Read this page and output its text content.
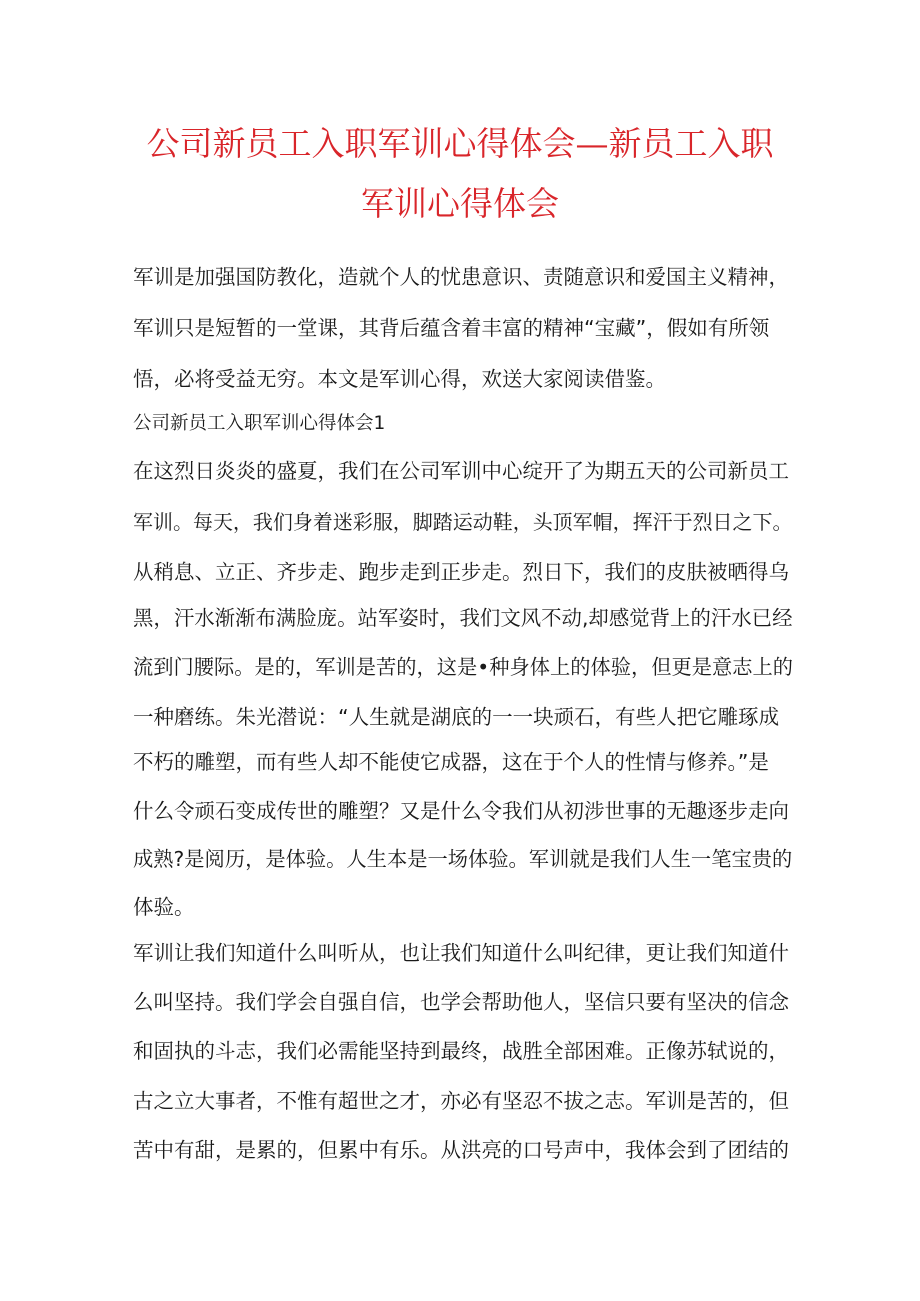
公司新员工入职军训心得体会—新员工入职
军训心得体会
军训是加强国防教化，造就个人的忧患意识、责随意识和爱国主义精神，
军训只是短暂的一堂课，其背后蕴含着丰富的精神“宝藏”，假如有所领
悟，必将受益无穷。本文是军训心得，欢送大家阅读借鉴。
公司新员工入职军训心得体会1
在这烈日炎炎的盛夏，我们在公司军训中心绽开了为期五天的公司新员工
军训。每天，我们身着迷彩服，脚踏运动鞋，头顶军帽，挥汗于烈日之下。
从稍息、立正、齐步走、跑步走到正步走。烈日下，我们的皮肤被晒得乌
黑，汗水渐渐布满脸庞。站军姿时，我们文风不动,却感觉背上的汗水已经
流到门腰际。是的，军训是苦的，这是•种身体上的体验，但更是意志上的
一种磨练。朱光潜说：“人生就是湖底的一一块顽石，有些人把它雕琢成
不朽的雕塑，而有些人却不能使它成器，这在于个人的性情与修养。”是
什么令顽石变成传世的雕塑？又是什么令我们从初涉世事的无趣逐步走向
成熟?是阅历，是体验。人生本是一场体验。军训就是我们人生一笔宝贵的
体验。
军训让我们知道什么叫听从，也让我们知道什么叫纪律，更让我们知道什
么叫坚持。我们学会自强自信，也学会帮助他人，坚信只要有坚决的信念
和固执的斗志，我们必需能坚持到最终，战胜全部困难。正像苏轼说的，
古之立大事者，不惟有超世之才，亦必有坚忍不拔之志。军训是苦的，但
苦中有甜，是累的，但累中有乐。从洪亮的口号声中，我体会到了团结的
